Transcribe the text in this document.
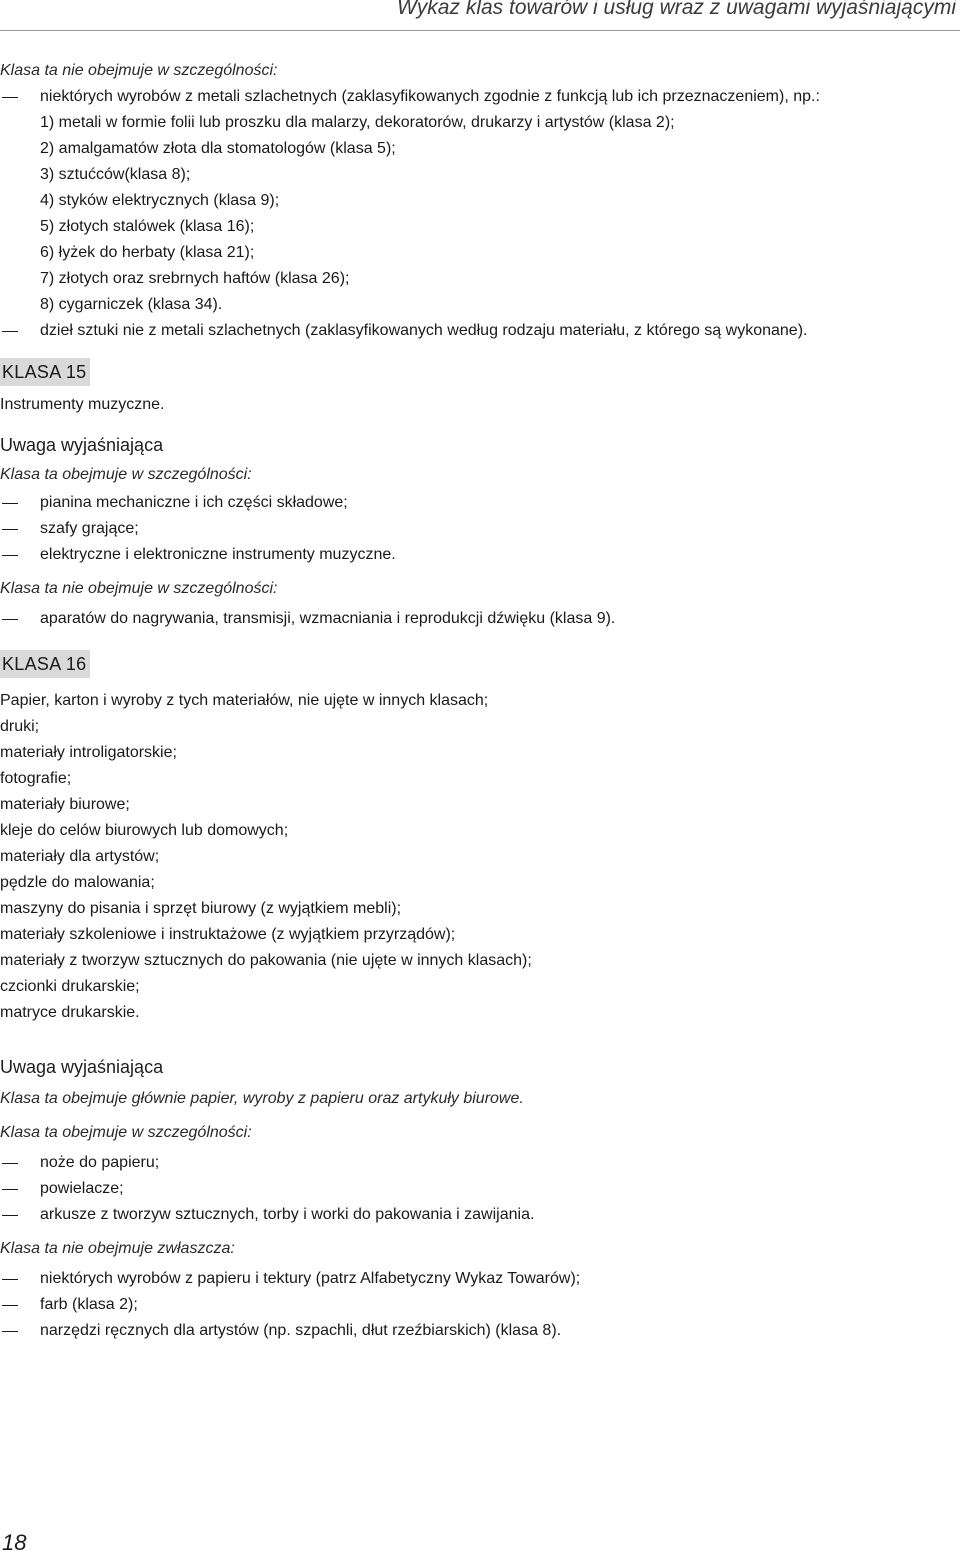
Wykaz klas towarów i usług wraz z uwagami wyjaśniającymi
Klasa ta nie obejmuje w szczególności:
niektórych wyrobów z metali szlachetnych (zaklasyfikowanych zgodnie z funkcją lub ich przeznaczeniem), np.:
1) metali w formie folii lub proszku dla malarzy, dekoratorów, drukarzy i artystów (klasa 2);
2) amalgamatów złota dla stomatologów (klasa 5);
3) sztućców(klasa 8);
4) styków elektrycznych (klasa 9);
5) złotych stalówek (klasa 16);
6) łyżek do herbaty (klasa 21);
7) złotych oraz srebrnych haftów (klasa 26);
8) cygarniczek (klasa 34).
dzieł sztuki nie z metali szlachetnych (zaklasyfikowanych według rodzaju materiału, z którego są wykonane).
KLASA 15
Instrumenty muzyczne.
Uwaga wyjaśniająca
Klasa ta obejmuje w szczególności:
pianina mechaniczne i ich części składowe;
szafy grające;
elektryczne i elektroniczne instrumenty muzyczne.
Klasa ta nie obejmuje w szczególności:
aparatów do nagrywania, transmisji, wzmacniania i reprodukcji dźwięku (klasa 9).
KLASA 16
Papier, karton i wyroby z tych materiałów, nie ujęte w innych klasach;
druki;
materiały introligatorskie;
fotografie;
materiały biurowe;
kleje do celów biurowych lub domowych;
materiały dla artystów;
pędzle do malowania;
maszyny do pisania i sprzęt biurowy (z wyjątkiem mebli);
materiały szkoleniowe i instruktażowe (z wyjątkiem przyrządów);
materiały z tworzyw sztucznych do pakowania (nie ujęte w innych klasach);
czcionki drukarskie;
matryce drukarskie.
Uwaga wyjaśniająca
Klasa ta obejmuje głównie papier, wyroby z papieru oraz artykuły biurowe.
Klasa ta obejmuje w szczególności:
noże do papieru;
powielacze;
arkusze z tworzyw sztucznych, torby i worki do pakowania i zawijania.
Klasa ta nie obejmuje zwłaszcza:
niektórych wyrobów z papieru i tektury (patrz Alfabetyczny Wykaz Towarów);
farb (klasa 2);
narzędzi ręcznych dla artystów (np. szpachli, dłut rzeźbiarskich) (klasa 8).
18
